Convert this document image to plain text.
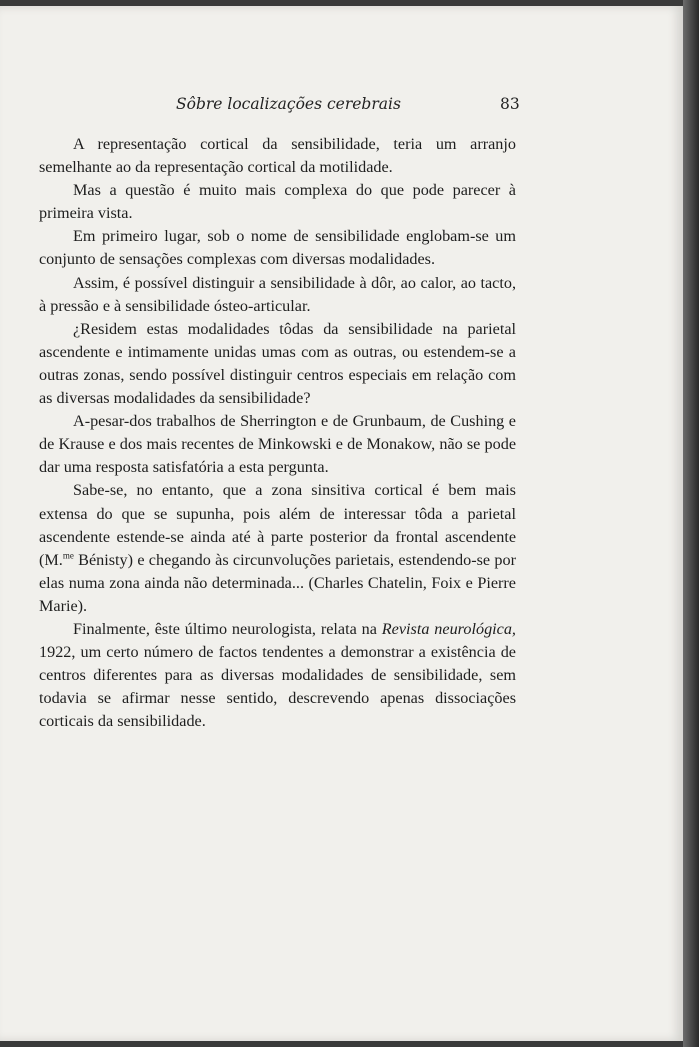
Sôbre localizações cerebrais	83

A representação cortical da sensibilidade, teria um arranjo semelhante ao da representação cortical da motilidade.

Mas a questão é muito mais complexa do que pode parecer à primeira vista.

Em primeiro lugar, sob o nome de sensibilidade englobam-se um conjunto de sensações complexas com diversas modalidades.

Assim, é possível distinguir a sensibilidade à dôr, ao calor, ao tacto, à pressão e à sensibilidade ósteo-articular.

¿Residem estas modalidades tôdas da sensibilidade na parietal ascendente e intimamente unidas umas com as outras, ou estendem-se a outras zonas, sendo possível distinguir centros especiais em relação com as diversas modalidades da sensibilidade?

A-pesar-dos trabalhos de Sherrington e de Grunbaum, de Cushing e de Krause e dos mais recentes de Minkowski e de Monakow, não se pode dar uma resposta satisfatória a esta pergunta.

Sabe-se, no entanto, que a zona sinsitiva cortical é bem mais extensa do que se supunha, pois além de interessar tôda a parietal ascendente estende-se ainda até à parte posterior da frontal ascendente (M.$^{me}$ Bénisty) e chegando às circunvoluções parietais, estendendo-se por elas numa zona ainda não determinada... (Charles Chatelin, Foix e Pierre Marie).

Finalmente, êste último neurologista, relata na Revista neurológica, 1922, um certo número de factos tendentes a demonstrar a existência de centros diferentes para as diversas modalidades de sensibilidade, sem todavia se afirmar nesse sentido, descrevendo apenas dissociações corticais da sensibilidade.
